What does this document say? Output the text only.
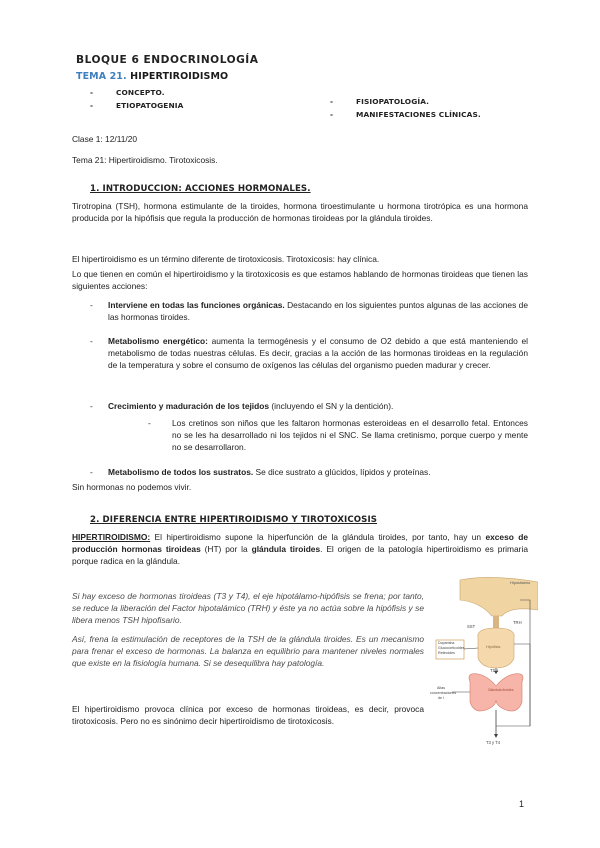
BLOQUE 6 ENDOCRINOLOGÍA
TEMA 21. HIPERTIROIDISMO
-	CONCEPTO.
-	ETIOPATOGENIA	-	FISIOPATOLOGÍA.
-	MANIFESTACIONES CLÍNICAS.
Clase 1: 12/11/20
Tema 21: Hipertiroidismo. Tirotoxicosis.
1. INTRODUCCION: ACCIONES HORMONALES.
Tirotropina (TSH), hormona estimulante de la tiroides, hormona tiroestimulante u hormona tirotrópica es una hormona producida por la hipófisis que regula la producción de hormonas tiroideas por la glándula tiroides.
El hipertiroidismo es un término diferente de tirotoxicosis. Tirotoxicosis: hay clínica.
Lo que tienen en común el hipertiroidismo y la tirotoxicosis es que estamos hablando de hormonas tiroideas que tienen las siguientes acciones:
- Interviene en todas las funciones orgánicas. Destacando en los siguientes puntos algunas de las acciones de las hormonas tiroides.
- Metabolismo energético: aumenta la termogénesis y el consumo de O2 debido a que está manteniendo el metabolismo de todas nuestras células. Es decir, gracias a la acción de las hormonas tiroideas en la regulación de la temperatura y sobre el consumo de oxígenos las células del organismo pueden madurar y crecer.
- Crecimiento y maduración de los tejidos (incluyendo el SN y la dentición).
-	Los cretinos son niños que les faltaron hormonas esteroideas en el desarrollo fetal. Entonces no se les ha desarrollado ni los tejidos ni el SNC. Se llama cretinismo, porque cuerpo y mente no se desarrollaron.
- Metabolismo de todos los sustratos. Se dice sustrato a glúcidos, lípidos y proteínas.
Sin hormonas no podemos vivir.
2. DIFERENCIA ENTRE HIPERTIROIDISMO Y TIROTOXICOSIS
HIPERTIROIDISMO: El hipertiroidismo supone la hiperfunción de la glándula tiroides, por tanto, hay un exceso de producción hormonas tiroideas (HT) por la glándula tiroides. El origen de la patología hipertiroidismo es primaria porque radica en la glándula.
Si hay exceso de hormonas tiroideas (T3 y T4), el eje hipotálamo-hipófisis se frena; por tanto, se reduce la liberación del Factor hipotalámico (TRH) y éste ya no actúa sobre la hipófisis y se libera menos TSH hipofisario.
Así, frena la estimulación de receptores de la TSH de la glándula tiroides. Es un mecanismo para frenar el exceso de hormonas. La balanza en equilibrio para mantener niveles normales que existe en la fisiología humana. Si se desequilibra hay patología.
El hipertiroidismo provoca clínica por exceso de hormonas tiroideas, es decir, provoca tirotoxicosis. Pero no es sinónimo decir hipertiroidismo de tirotoxicosis.
Hipotálamo
TRH
SST
Dopamina
Glucocorticoides
Retinoides
Hipófisis
TSH
Glándula tiroides
Altas
concentraciones
de I
T3 y T4
1
